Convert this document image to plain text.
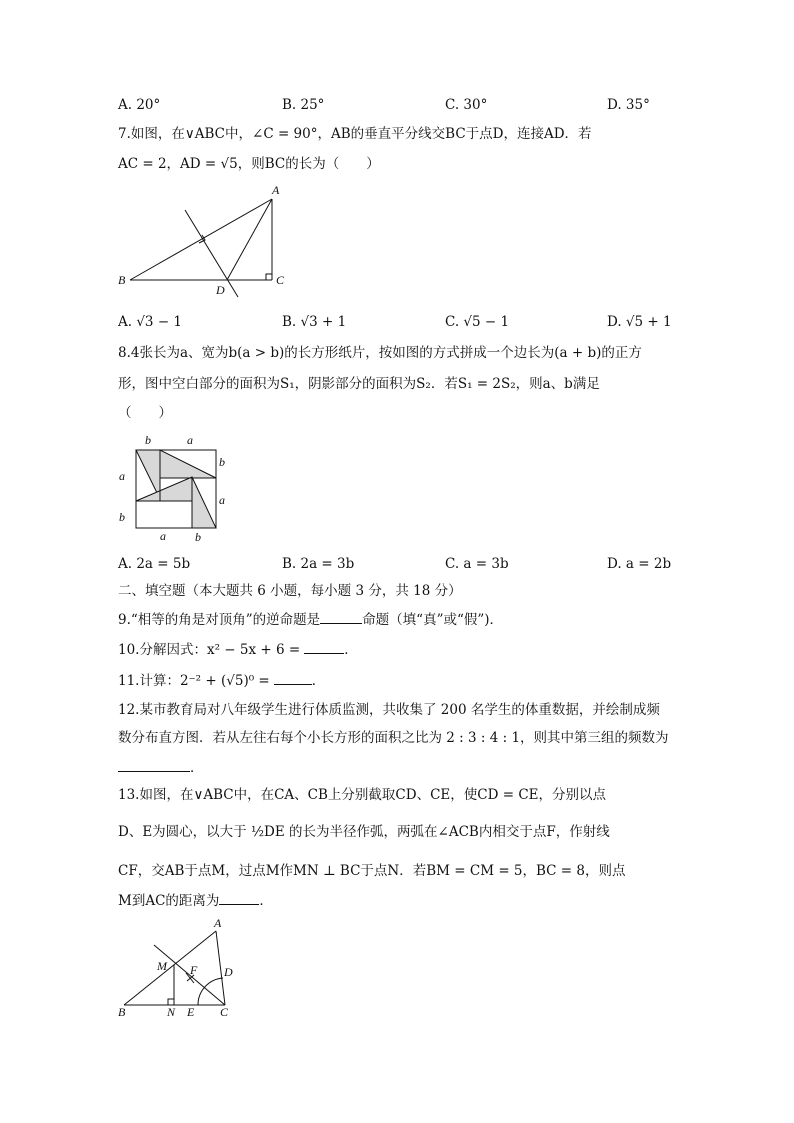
A. 20°	B. 25°	C. 30°	D. 35°
7.如图，在∨ABC中，∠C = 90°，AB的垂直平分线交BC于点D，连接AD．若
AC = 2，AD = √5，则BC的长为（　　）
A
B	C
D
A. √3 − 1	B. √3 + 1	C. √5 − 1	D. √5 + 1
8.4张长为a、宽为b(a > b)的长方形纸片，按如图的方式拼成一个边长为(a + b)的正方
形，图中空白部分的面积为S₁，阴影部分的面积为S₂．若S₁ = 2S₂，则a、b满足
（　　）
b	a
a
b
b
a
a b
A. 2a = 5b	B. 2a = 3b	C. a = 3b	D. a = 2b
二、填空题（本大题共 6 小题，每小题 3 分，共 18 分）
9.“相等的角是对顶角”的逆命题是	命题（填“真”或“假”)．
10.分解因式：x² − 5x + 6 =	．
11.计算：2⁻² + (√5)⁰ =	．
12.某市教育局对八年级学生进行体质监测，共收集了 200 名学生的体重数据，并绘制成频
数分布直方图．若从左往右每个小长方形的面积之比为 2 : 3 : 4 : 1，则其中第三组的频数为
．
13.如图，在∨ABC中，在CA、CB上分别截取CD、CE，使CD = CE，分别以点
D、E为圆心，以大于 ½DE 的长为半径作弧，两弧在∠ACB内相交于点F，作射线
CF，交AB于点M，过点M作MN ⊥ BC于点N．若BM = CM = 5，BC = 8，则点
M到AC的距离为	．
A
M F D
B	N E C
